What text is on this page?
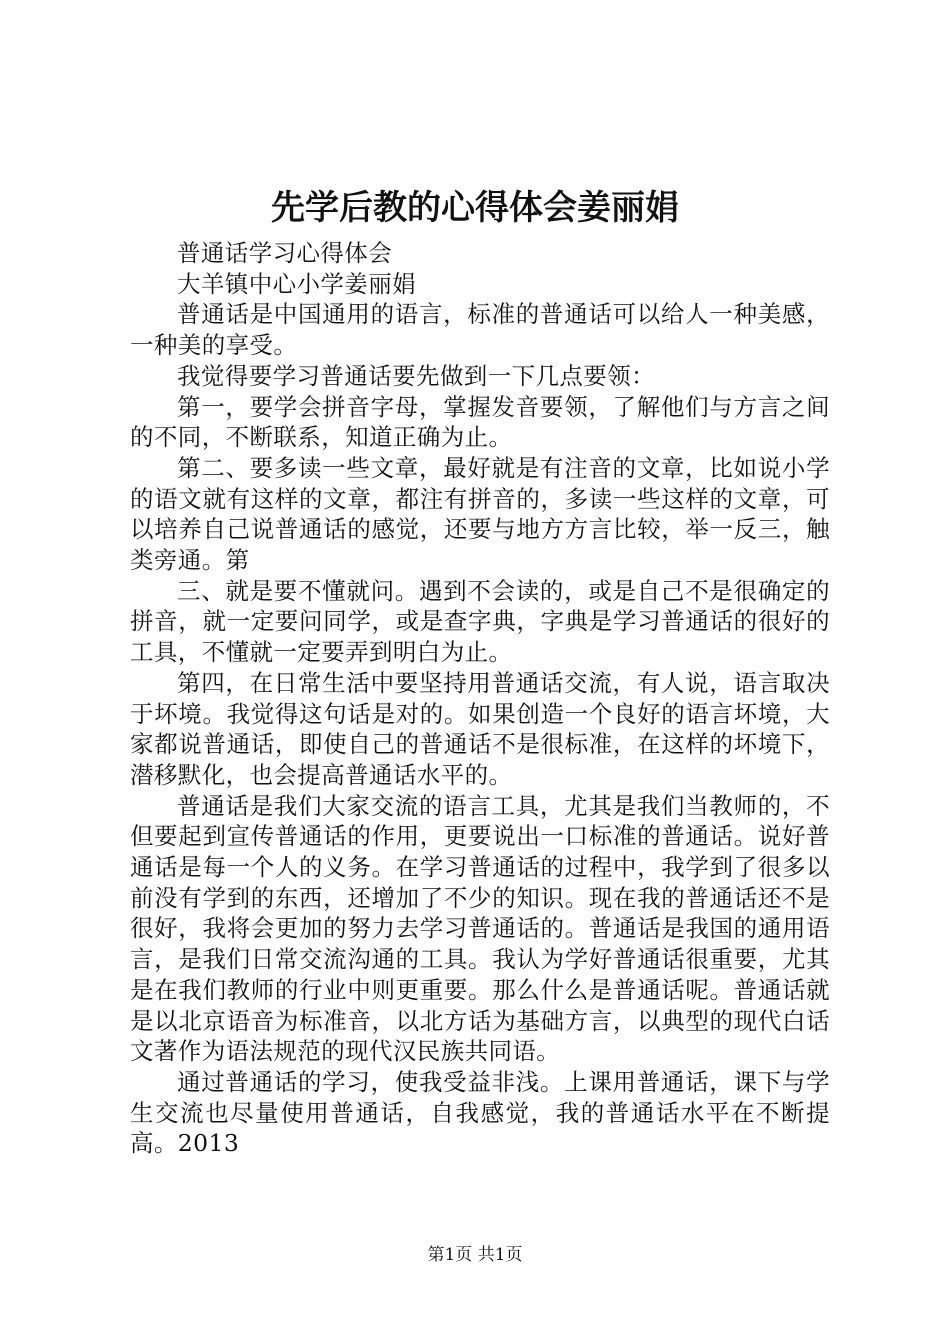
先学后教的心得体会姜丽娟

普通话学习心得体会

大羊镇中心小学姜丽娟

普通话是中国通用的语言，标准的普通话可以给人一种美感，一种美的享受。

我觉得要学习普通话要先做到一下几点要领：

第一，要学会拼音字母，掌握发音要领，了解他们与方言之间的不同，不断联系，知道正确为止。

第二、要多读一些文章，最好就是有注音的文章，比如说小学的语文就有这样的文章，都注有拼音的，多读一些这样的文章，可以培养自己说普通话的感觉，还要与地方方言比较，举一反三，触类旁通。第

三、就是要不懂就问。遇到不会读的，或是自己不是很确定的拼音，就一定要问同学，或是查字典，字典是学习普通话的很好的工具，不懂就一定要弄到明白为止。

第四，在日常生活中要坚持用普通话交流，有人说，语言取决于坏境。我觉得这句话是对的。如果创造一个良好的语言坏境，大家都说普通话，即使自己的普通话不是很标准，在这样的坏境下，潜移默化，也会提高普通话水平的。

普通话是我们大家交流的语言工具，尤其是我们当教师的，不但要起到宣传普通话的作用，更要说出一口标准的普通话。说好普通话是每一个人的义务。在学习普通话的过程中，我学到了很多以前没有学到的东西，还增加了不少的知识。现在我的普通话还不是很好，我将会更加的努力去学习普通话的。普通话是我国的通用语言，是我们日常交流沟通的工具。我认为学好普通话很重要，尤其是在我们教师的行业中则更重要。那么什么是普通话呢。普通话就是以北京语音为标准音，以北方话为基础方言，以典型的现代白话文著作为语法规范的现代汉民族共同语。

通过普通话的学习，使我受益非浅。上课用普通话，课下与学生交流也尽量使用普通话，自我感觉，我的普通话水平在不断提高。2013

第1页 共1页
